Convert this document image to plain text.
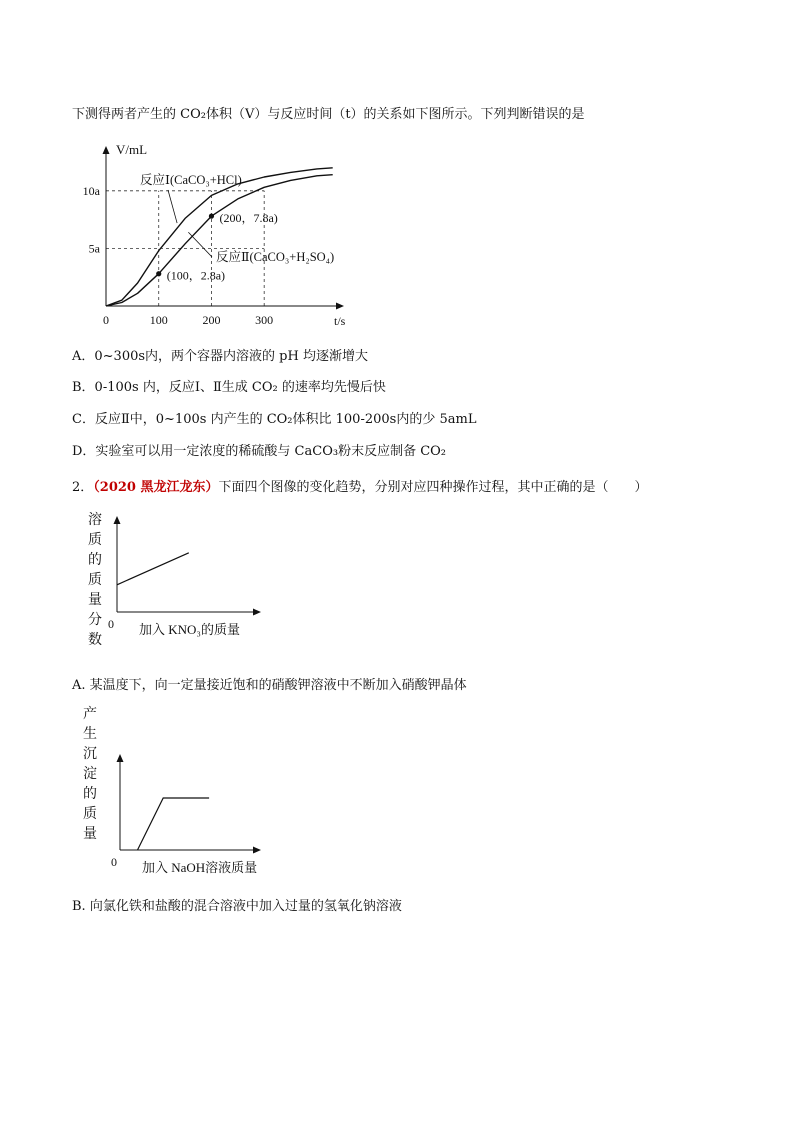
下测得两者产生的 CO₂体积（V）与反应时间（t）的关系如下图所示。下列判断错误的是
5a
10a
0	100	200	300
(100，2.8a)
(200，7.8a)
反应Ⅰ(CaCO₃+HCl)
反应Ⅱ(CaCO₃+H₂SO₄)
V/mL
t/s
A．0~300s内，两个容器内溶液的 pH 均逐渐增大
B．0-100s 内，反应Ⅰ、Ⅱ生成 CO₂ 的速率均先慢后快
C．反应Ⅱ中，0~100s 内产生的 CO₂体积比 100-200s内的少 5amL
D．实验室可以用一定浓度的稀硫酸与 CaCO₃粉末反应制备 CO₂
2．（2020 黑龙江龙东）下面四个图像的变化趋势，分别对应四种操作过程，其中正确的是（　　）
溶
质
的
质
量
分
数
0 加入 KNO₃的质量
A. 某温度下，向一定量接近饱和的硝酸钾溶液中不断加入硝酸钾晶体
产
生
沉
淀
的
质
量
0 加入 NaOH溶液质量
B. 向氯化铁和盐酸的混合溶液中加入过量的氢氧化钠溶液
